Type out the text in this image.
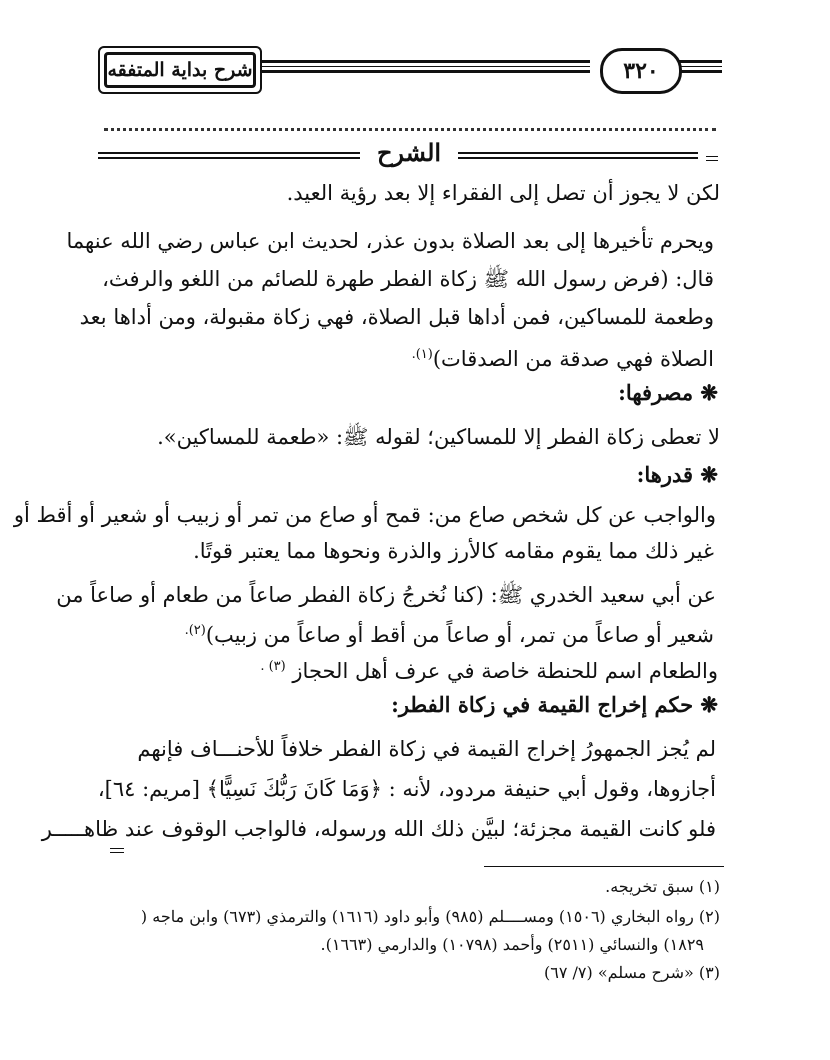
٣٢٠
شرح بداية المتفقه
الشرح
لكن لا يجوز أن تصل إلى الفقراء إلا بعد رؤية العيد.
ويحرم تأخيرها إلى بعد الصلاة بدون عذر، لحديث ابن عباس رضي الله عنهما
قال: (فرض رسول الله ﷺ زكاة الفطر طهرة للصائم من اللغو والرفث،
وطعمة للمساكين، فمن أداها قبل الصلاة، فهي زكاة مقبولة، ومن أداها بعد
الصلاة فهي صدقة من الصدقات)$^{(١).}$
❋ مصرفها:
لا تعطى زكاة الفطر إلا للمساكين؛ لقوله ﷺ: «طعمة للمساكين».
❋ قدرها:
والواجب عن كل شخص صاع من: قمح أو صاع من تمر أو زبيب أو شعير أو أقط أو
غير ذلك مما يقوم مقامه كالأرز والذرة ونحوها مما يعتبر قوتًا.
عن أبي سعيد الخدري ﷺ: (كنا نُخرجُ زكاة الفطر صاعاً من طعام أو صاعاً من
شعير أو صاعاً من تمر، أو صاعاً من أقط أو صاعاً من زبيب)$^{(٢).}$
والطعام اسم للحنطة خاصة في عرف أهل الحجاز $^{(٣) .}$
❋ حكم إخراج القيمة في زكاة الفطر:
لم يُجز الجمهورُ إخراج القيمة في زكاة الفطر خلافاً للأحنـــاف فإنهم
أجازوها، وقول أبي حنيفة مردود، لأنه : ﴿وَمَا كَانَ رَبُّكَ نَسِيًّا﴾ [مريم: ٦٤]،
فلو كانت القيمة مجزئة؛ لبيَّن ذلك الله ورسوله، فالواجب الوقوف عند ظاهـــــر
(١) سبق تخريجه.
(٢) رواه البخاري (١٥٠٦) ومســــلم (٩٨٥) وأبو داود (١٦١٦) والترمذي (٦٧٣) وابن ماجه (
١٨٢٩) والنسائي (٢٥١١) وأحمد (١٠٧٩٨) والدارمي (١٦٦٣).
(٣) «شرح مسلم» (٧/ ٦٧)
